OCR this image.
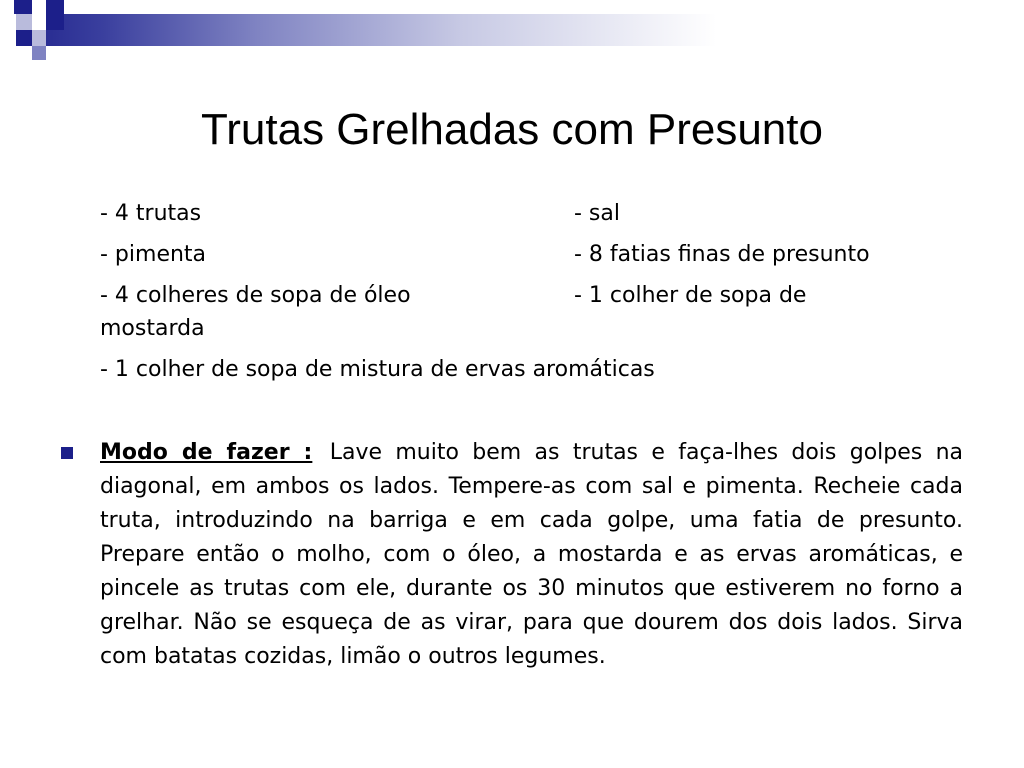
Trutas Grelhadas com Presunto
- 4 trutas	- sal
- pimenta	- 8 fatias finas de presunto
- 4 colheres de sopa de óleo	- 1 colher de sopa de
mostarda
- 1 colher de sopa de mistura de ervas aromáticas
Modo de fazer : Lave muito bem as trutas e faça-lhes dois golpes na diagonal, em ambos os lados. Tempere-as com sal e pimenta. Recheie cada truta, introduzindo na barriga e em cada golpe, uma fatia de presunto. Prepare então o molho, com o óleo, a mostarda e as ervas aromáticas, e pincele as trutas com ele, durante os 30 minutos que estiverem no forno a grelhar. Não se esqueça de as virar, para que dourem dos dois lados. Sirva com batatas cozidas, limão o outros legumes.
